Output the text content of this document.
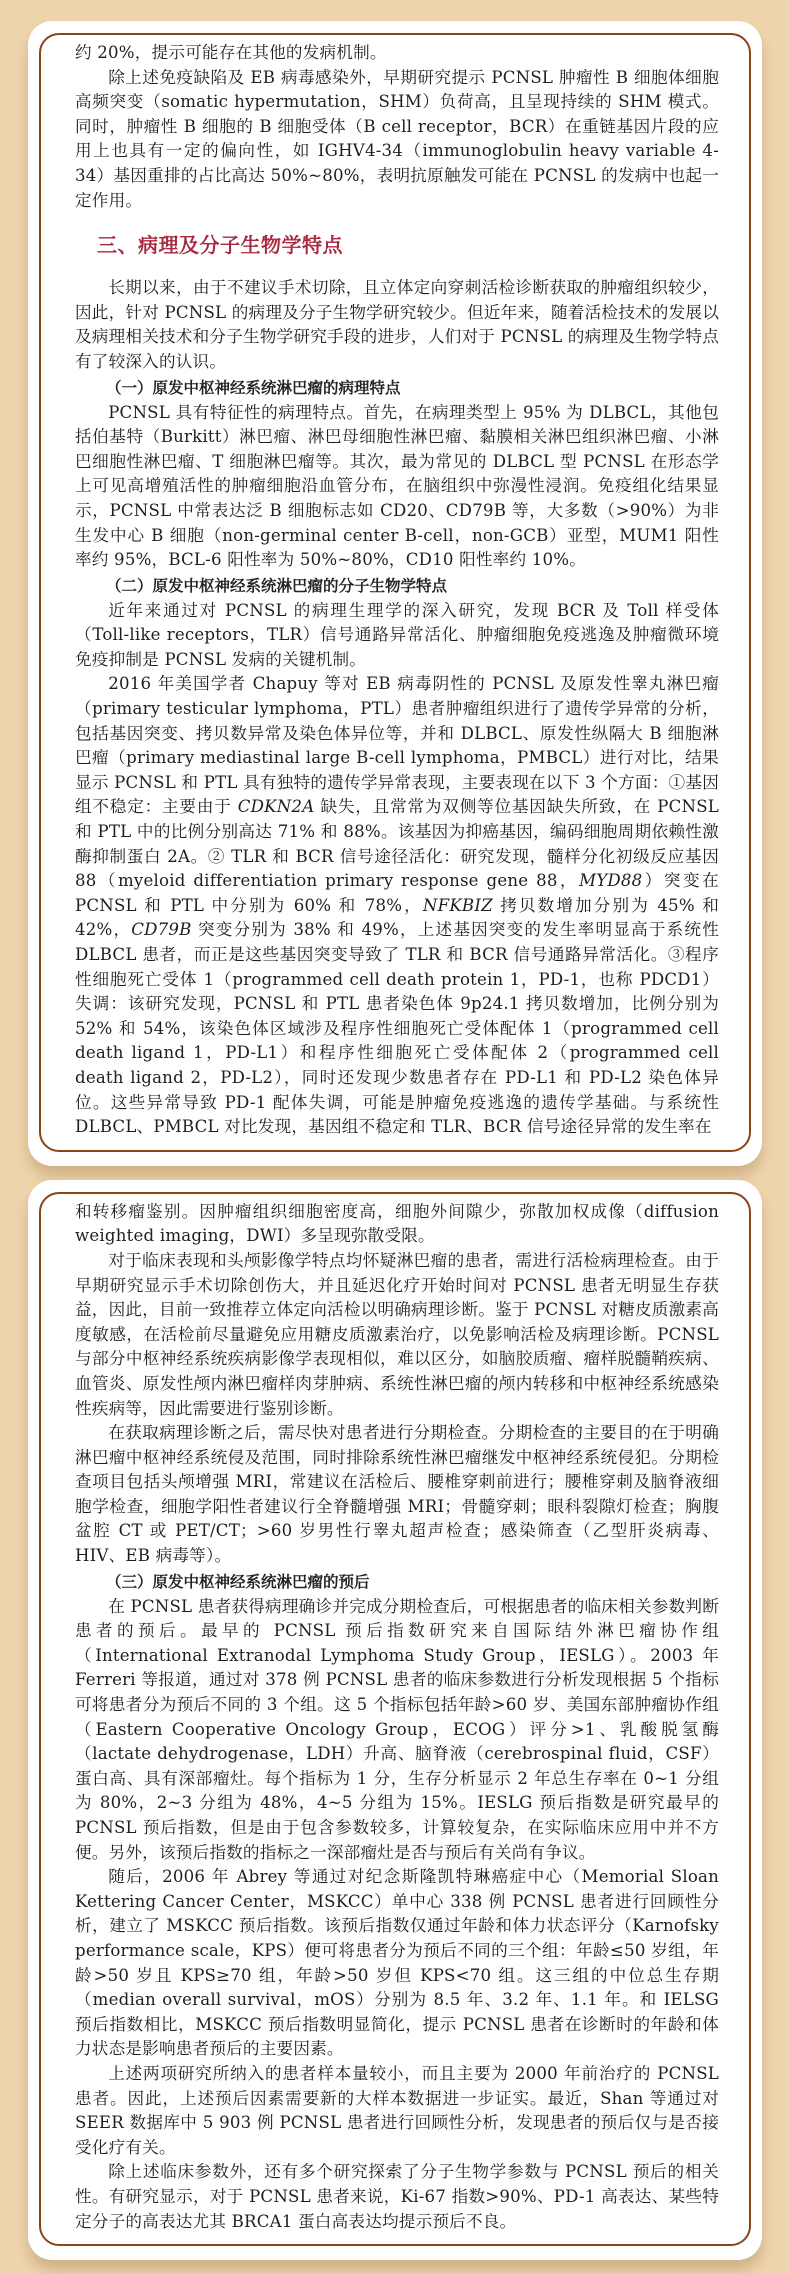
约 20%，提示可能存在其他的发病机制。

除上述免疫缺陷及 EB 病毒感染外，早期研究提示 PCNSL 肿瘤性 B 细胞体细胞高频突变（somatic hypermutation，SHM）负荷高，且呈现持续的 SHM 模式。同时，肿瘤性 B 细胞的 B 细胞受体（B cell receptor，BCR）在重链基因片段的应用上也具有一定的偏向性，如 IGHV4-34（immunoglobulin heavy variable 4-34）基因重排的占比高达 50%~80%，表明抗原触发可能在 PCNSL 的发病中也起一定作用。

三、病理及分子生物学特点

长期以来，由于不建议手术切除，且立体定向穿刺活检诊断获取的肿瘤组织较少，因此，针对 PCNSL 的病理及分子生物学研究较少。但近年来，随着活检技术的发展以及病理相关技术和分子生物学研究手段的进步，人们对于 PCNSL 的病理及生物学特点有了较深入的认识。

（一）原发中枢神经系统淋巴瘤的病理特点

PCNSL 具有特征性的病理特点。首先，在病理类型上 95% 为 DLBCL，其他包括伯基特（Burkitt）淋巴瘤、淋巴母细胞性淋巴瘤、黏膜相关淋巴组织淋巴瘤、小淋巴细胞性淋巴瘤、T 细胞淋巴瘤等。其次，最为常见的 DLBCL 型 PCNSL 在形态学上可见高增殖活性的肿瘤细胞沿血管分布，在脑组织中弥漫性浸润。免疫组化结果显示，PCNSL 中常表达泛 B 细胞标志如 CD20、CD79B 等，大多数（>90%）为非生发中心 B 细胞（non-germinal center B-cell，non-GCB）亚型，MUM1 阳性率约 95%，BCL-6 阳性率为 50%~80%，CD10 阳性率约 10%。

（二）原发中枢神经系统淋巴瘤的分子生物学特点

近年来通过对 PCNSL 的病理生理学的深入研究，发现 BCR 及 Toll 样受体（Toll-like receptors，TLR）信号通路异常活化、肿瘤细胞免疫逃逸及肿瘤微环境免疫抑制是 PCNSL 发病的关键机制。

2016 年美国学者 Chapuy 等对 EB 病毒阴性的 PCNSL 及原发性睾丸淋巴瘤（primary testicular lymphoma，PTL）患者肿瘤组织进行了遗传学异常的分析，包括基因突变、拷贝数异常及染色体异位等，并和 DLBCL、原发性纵隔大 B 细胞淋巴瘤（primary mediastinal large B-cell lymphoma，PMBCL）进行对比，结果显示 PCNSL 和 PTL 具有独特的遗传学异常表现，主要表现在以下 3 个方面：①基因组不稳定：主要由于 CDKN2A 缺失，且常常为双侧等位基因缺失所致，在 PCNSL 和 PTL 中的比例分别高达 71% 和 88%。该基因为抑癌基因，编码细胞周期依赖性激酶抑制蛋白 2A。② TLR 和 BCR 信号途径活化：研究发现，髓样分化初级反应基因 88（myeloid differentiation primary response gene 88，MYD88）突变在 PCNSL 和 PTL 中分别为 60% 和 78%，NFKBIZ 拷贝数增加分别为 45% 和 42%，CD79B 突变分别为 38% 和 49%，上述基因突变的发生率明显高于系统性 DLBCL 患者，而正是这些基因突变导致了 TLR 和 BCR 信号通路异常活化。③程序性细胞死亡受体 1（programmed cell death protein 1，PD-1，也称 PDCD1）失调：该研究发现，PCNSL 和 PTL 患者染色体 9p24.1 拷贝数增加，比例分别为 52% 和 54%，该染色体区域涉及程序性细胞死亡受体配体 1（programmed cell death ligand 1，PD-L1）和程序性细胞死亡受体配体 2（programmed cell death ligand 2，PD-L2），同时还发现少数患者存在 PD-L1 和 PD-L2 染色体异位。这些异常导致 PD-1 配体失调，可能是肿瘤免疫逃逸的遗传学基础。与系统性 DLBCL、PMBCL 对比发现，基因组不稳定和 TLR、BCR 信号途径异常的发生率在

和转移瘤鉴别。因肿瘤组织细胞密度高，细胞外间隙少，弥散加权成像（diffusion weighted imaging，DWI）多呈现弥散受限。

对于临床表现和头颅影像学特点均怀疑淋巴瘤的患者，需进行活检病理检查。由于早期研究显示手术切除创伤大，并且延迟化疗开始时间对 PCNSL 患者无明显生存获益，因此，目前一致推荐立体定向活检以明确病理诊断。鉴于 PCNSL 对糖皮质激素高度敏感，在活检前尽量避免应用糖皮质激素治疗，以免影响活检及病理诊断。PCNSL 与部分中枢神经系统疾病影像学表现相似，难以区分，如脑胶质瘤、瘤样脱髓鞘疾病、血管炎、原发性颅内淋巴瘤样肉芽肿病、系统性淋巴瘤的颅内转移和中枢神经系统感染性疾病等，因此需要进行鉴别诊断。

在获取病理诊断之后，需尽快对患者进行分期检查。分期检查的主要目的在于明确淋巴瘤中枢神经系统侵及范围，同时排除系统性淋巴瘤继发中枢神经系统侵犯。分期检查项目包括头颅增强 MRI，常建议在活检后、腰椎穿刺前进行；腰椎穿刺及脑脊液细胞学检查，细胞学阳性者建议行全脊髓增强 MRI；骨髓穿刺；眼科裂隙灯检查；胸腹盆腔 CT 或 PET/CT；>60 岁男性行睾丸超声检查；感染筛查（乙型肝炎病毒、HIV、EB 病毒等）。

（三）原发中枢神经系统淋巴瘤的预后

在 PCNSL 患者获得病理确诊并完成分期检查后，可根据患者的临床相关参数判断患者的预后。最早的 PCNSL 预后指数研究来自国际结外淋巴瘤协作组（International Extranodal Lymphoma Study Group，IESLG）。2003 年 Ferreri 等报道，通过对 378 例 PCNSL 患者的临床参数进行分析发现根据 5 个指标可将患者分为预后不同的 3 个组。这 5 个指标包括年龄>60 岁、美国东部肿瘤协作组（Eastern Cooperative Oncology Group，ECOG）评分>1、乳酸脱氢酶（lactate dehydrogenase，LDH）升高、脑脊液（cerebrospinal fluid，CSF）蛋白高、具有深部瘤灶。每个指标为 1 分，生存分析显示 2 年总生存率在 0~1 分组为 80%，2~3 分组为 48%，4~5 分组为 15%。IESLG 预后指数是研究最早的 PCNSL 预后指数，但是由于包含参数较多，计算较复杂，在实际临床应用中并不方便。另外，该预后指数的指标之一深部瘤灶是否与预后有关尚有争议。

随后，2006 年 Abrey 等通过对纪念斯隆凯特琳癌症中心（Memorial Sloan Kettering Cancer Center，MSKCC）单中心 338 例 PCNSL 患者进行回顾性分析，建立了 MSKCC 预后指数。该预后指数仅通过年龄和体力状态评分（Karnofsky performance scale，KPS）便可将患者分为预后不同的三个组：年龄≤50 岁组，年龄>50 岁且 KPS≥70 组，年龄>50 岁但 KPS<70 组。这三组的中位总生存期（median overall survival，mOS）分别为 8.5 年、3.2 年、1.1 年。和 IELSG 预后指数相比，MSKCC 预后指数明显简化，提示 PCNSL 患者在诊断时的年龄和体力状态是影响患者预后的主要因素。

上述两项研究所纳入的患者样本量较小，而且主要为 2000 年前治疗的 PCNSL 患者。因此，上述预后因素需要新的大样本数据进一步证实。最近，Shan 等通过对 SEER 数据库中 5 903 例 PCNSL 患者进行回顾性分析，发现患者的预后仅与是否接受化疗有关。

除上述临床参数外，还有多个研究探索了分子生物学参数与 PCNSL 预后的相关性。有研究显示，对于 PCNSL 患者来说，Ki-67 指数>90%、PD-1 高表达、某些特定分子的高表达尤其 BRCA1 蛋白高表达均提示预后不良。
